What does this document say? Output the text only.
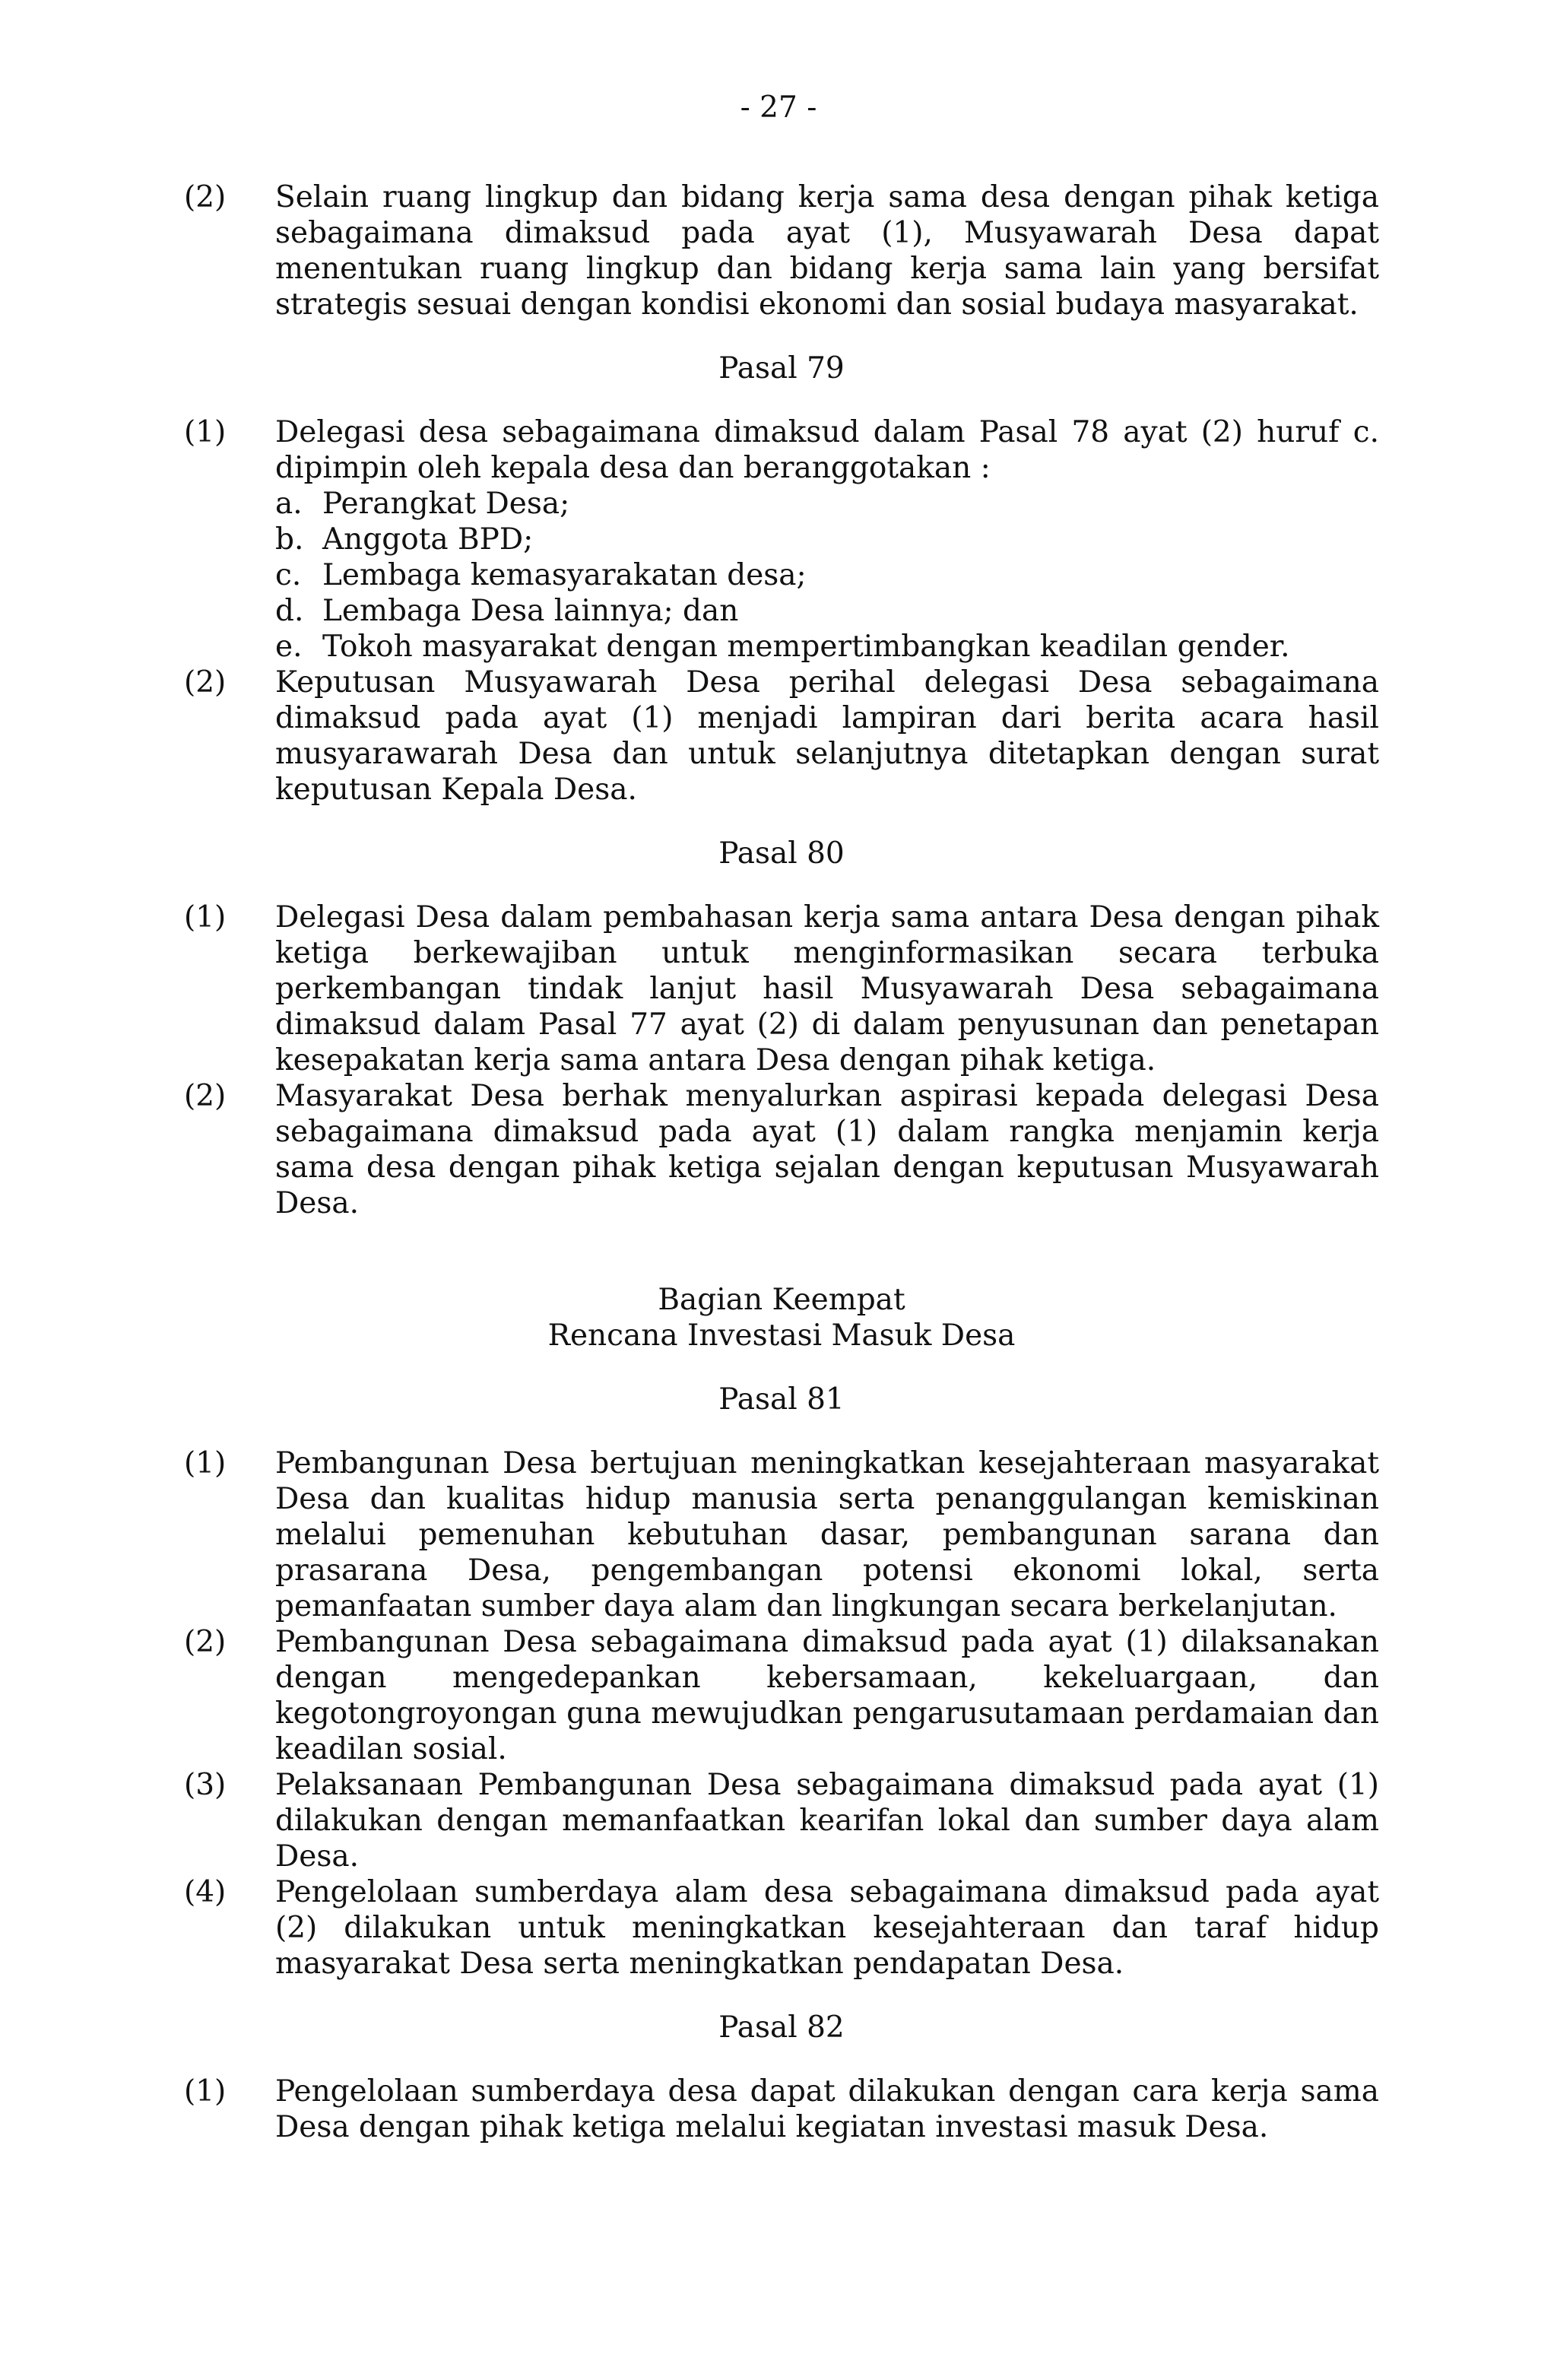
- 27 -
(2) Selain ruang lingkup dan bidang kerja sama desa dengan pihak ketiga sebagaimana dimaksud pada ayat (1), Musyawarah Desa dapat menentukan ruang lingkup dan bidang kerja sama lain yang bersifat strategis sesuai dengan kondisi ekonomi dan sosial budaya masyarakat.
Pasal 79
(1) Delegasi desa sebagaimana dimaksud dalam Pasal 78 ayat (2) huruf c. dipimpin oleh kepala desa dan beranggotakan :
a. Perangkat Desa;
b. Anggota BPD;
c. Lembaga kemasyarakatan desa;
d. Lembaga Desa lainnya; dan
e. Tokoh masyarakat dengan mempertimbangkan keadilan gender.
(2) Keputusan Musyawarah Desa perihal delegasi Desa sebagaimana dimaksud pada ayat (1) menjadi lampiran dari berita acara hasil musyarawarah Desa dan untuk selanjutnya ditetapkan dengan surat keputusan Kepala Desa.
Pasal 80
(1) Delegasi Desa dalam pembahasan kerja sama antara Desa dengan pihak ketiga berkewajiban untuk menginformasikan secara terbuka perkembangan tindak lanjut hasil Musyawarah Desa sebagaimana dimaksud dalam Pasal 77 ayat (2) di dalam penyusunan dan penetapan kesepakatan kerja sama antara Desa dengan pihak ketiga.
(2) Masyarakat Desa berhak menyalurkan aspirasi kepada delegasi Desa sebagaimana dimaksud pada ayat (1) dalam rangka menjamin kerja sama desa dengan pihak ketiga sejalan dengan keputusan Musyawarah Desa.
Bagian Keempat
Rencana Investasi Masuk Desa
Pasal 81
(1) Pembangunan Desa bertujuan meningkatkan kesejahteraan masyarakat Desa dan kualitas hidup manusia serta penanggulangan kemiskinan melalui pemenuhan kebutuhan dasar, pembangunan sarana dan prasarana Desa, pengembangan potensi ekonomi lokal, serta pemanfaatan sumber daya alam dan lingkungan secara berkelanjutan.
(2) Pembangunan Desa sebagaimana dimaksud pada ayat (1) dilaksanakan dengan mengedepankan kebersamaan, kekeluargaan, dan kegotongroyongan guna mewujudkan pengarusutamaan perdamaian dan keadilan sosial.
(3) Pelaksanaan Pembangunan Desa sebagaimana dimaksud pada ayat (1) dilakukan dengan memanfaatkan kearifan lokal dan sumber daya alam Desa.
(4) Pengelolaan sumberdaya alam desa sebagaimana dimaksud pada ayat (2) dilakukan untuk meningkatkan kesejahteraan dan taraf hidup masyarakat Desa serta meningkatkan pendapatan Desa.
Pasal 82
(1) Pengelolaan sumberdaya desa dapat dilakukan dengan cara kerja sama Desa dengan pihak ketiga melalui kegiatan investasi masuk Desa.
